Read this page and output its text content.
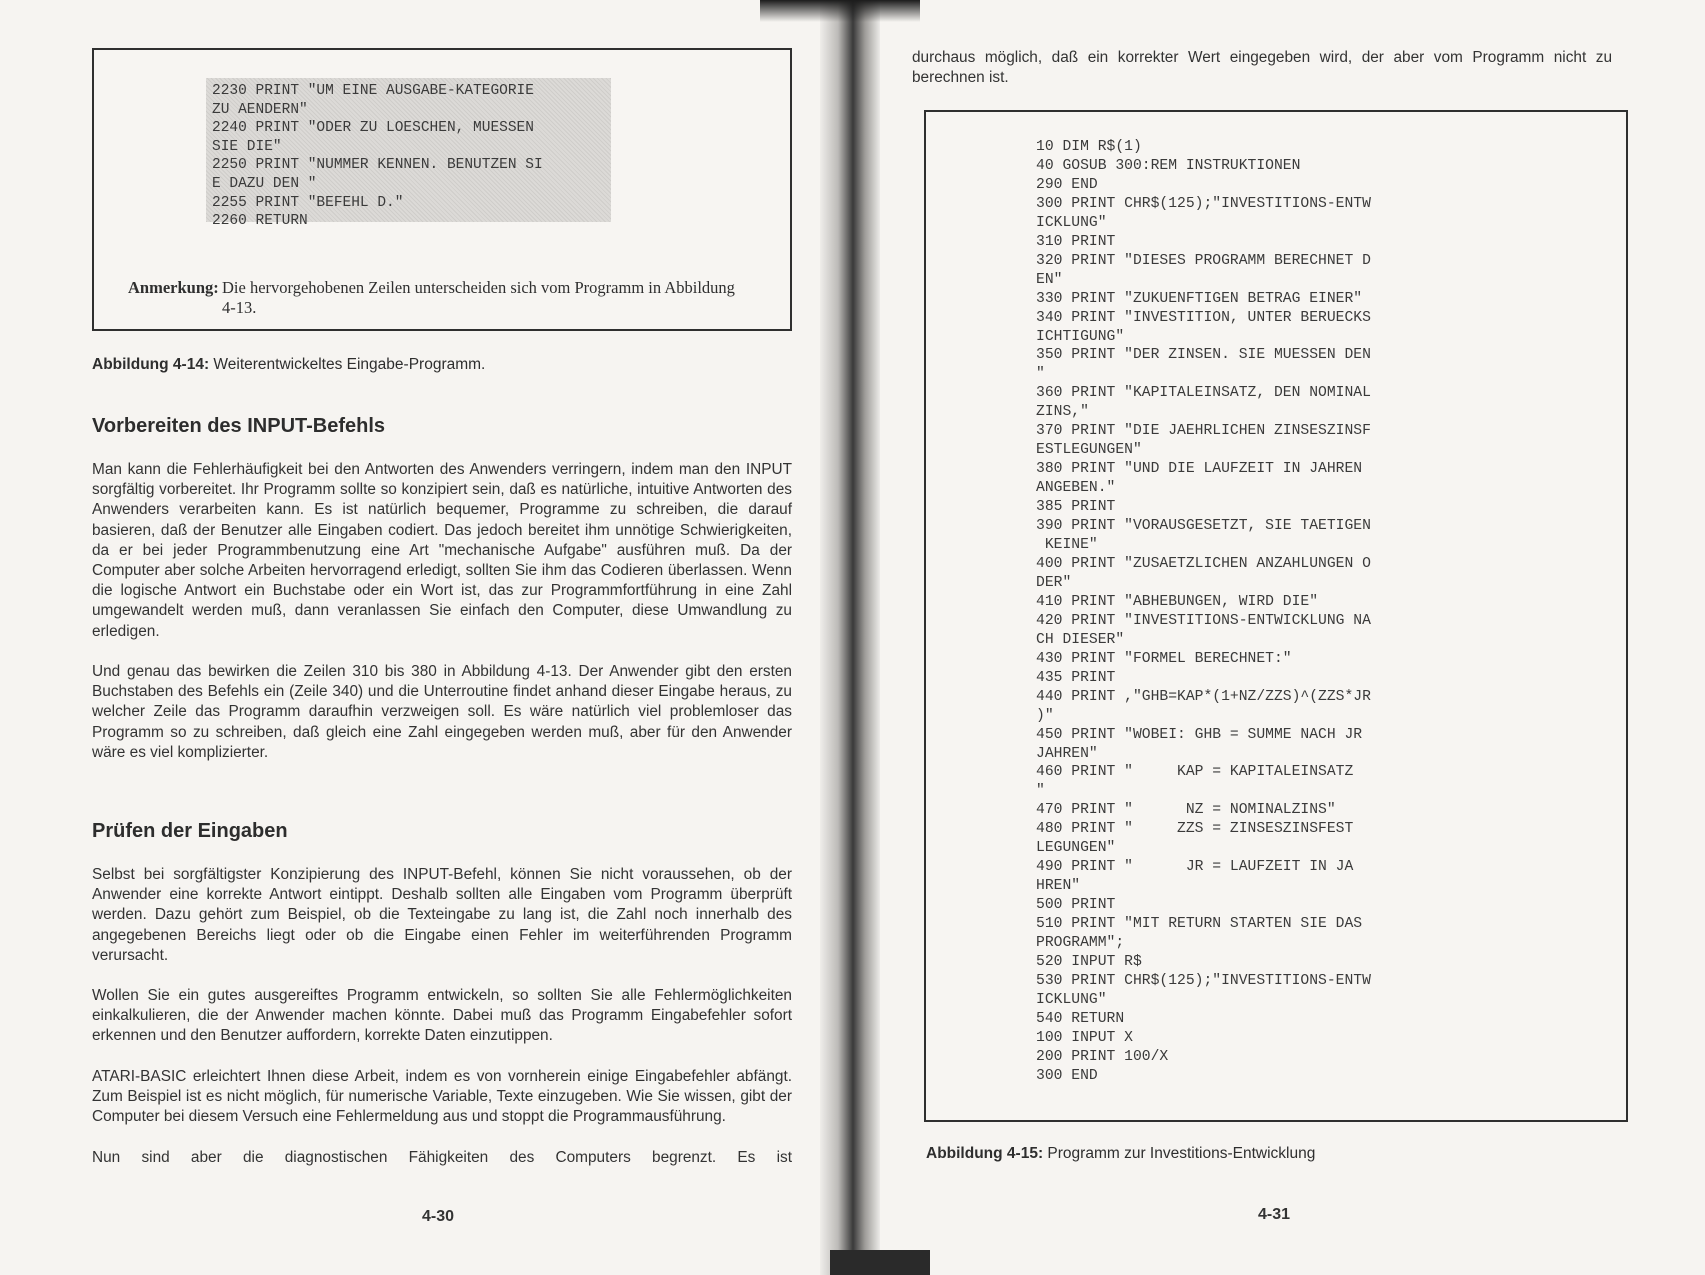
2230 PRINT "UM EINE AUSGABE-KATEGORIE
ZU AENDERN"
2240 PRINT "ODER ZU LOESCHEN, MUESSEN
SIE DIE"
2250 PRINT "NUMMER KENNEN. BENUTZEN SI
E DAZU DEN "
2255 PRINT "BEFEHL D."
2260 RETURN
Anmerkung: Die hervorgehobenen Zeilen unterscheiden sich vom Programm in Abbildung 4-13.
Abbildung 4-14: Weiterentwickeltes Eingabe-Programm.
Vorbereiten des INPUT-Befehls
Man kann die Fehlerhäufigkeit bei den Antworten des Anwenders verringern, indem man den INPUT sorgfältig vorbereitet. Ihr Programm sollte so konzipiert sein, daß es natürliche, intuitive Antworten des Anwenders verarbeiten kann. Es ist natürlich bequemer, Programme zu schreiben, die darauf basieren, daß der Benutzer alle Eingaben codiert. Das jedoch bereitet ihm unnötige Schwierigkeiten, da er bei jeder Programmbenutzung eine Art "mechanische Aufgabe" ausführen muß. Da der Computer aber solche Arbeiten hervorragend erledigt, sollten Sie ihm das Codieren überlassen. Wenn die logische Antwort ein Buchstabe oder ein Wort ist, das zur Programmfortführung in eine Zahl umgewandelt werden muß, dann veranlassen Sie einfach den Computer, diese Umwandlung zu erledigen.
Und genau das bewirken die Zeilen 310 bis 380 in Abbildung 4-13. Der Anwender gibt den ersten Buchstaben des Befehls ein (Zeile 340) und die Unterroutine findet anhand dieser Eingabe heraus, zu welcher Zeile das Programm daraufhin verzweigen soll. Es wäre natürlich viel problemloser das Programm so zu schreiben, daß gleich eine Zahl eingegeben werden muß, aber für den Anwender wäre es viel komplizierter.
Prüfen der Eingaben
Selbst bei sorgfältigster Konzipierung des INPUT-Befehl, können Sie nicht voraussehen, ob der Anwender eine korrekte Antwort eintippt. Deshalb sollten alle Eingaben vom Programm überprüft werden. Dazu gehört zum Beispiel, ob die Texteingabe zu lang ist, die Zahl noch innerhalb des angegebenen Bereichs liegt oder ob die Eingabe einen Fehler im weiterführenden Programm verursacht.
Wollen Sie ein gutes ausgereiftes Programm entwickeln, so sollten Sie alle Fehlermöglichkeiten einkalkulieren, die der Anwender machen könnte. Dabei muß das Programm Eingabefehler sofort erkennen und den Benutzer auffordern, korrekte Daten einzutippen.
ATARI-BASIC erleichtert Ihnen diese Arbeit, indem es von vornherein einige Eingabefehler abfängt. Zum Beispiel ist es nicht möglich, für numerische Variable, Texte einzugeben. Wie Sie wissen, gibt der Computer bei diesem Versuch eine Fehlermeldung aus und stoppt die Programmausführung.
Nun sind aber die diagnostischen Fähigkeiten des Computers begrenzt. Es ist
4-30
durchaus möglich, daß ein korrekter Wert eingegeben wird, der aber vom Programm nicht zu berechnen ist.
10 DIM R$(1)
40 GOSUB 300:REM INSTRUKTIONEN
290 END
300 PRINT CHR$(125);"INVESTITIONS-ENTW
ICKLUNG"
310 PRINT
320 PRINT "DIESES PROGRAMM BERECHNET D
EN"
330 PRINT "ZUKUENFTIGEN BETRAG EINER"
340 PRINT "INVESTITION, UNTER BERUECKS
ICHTIGUNG"
350 PRINT "DER ZINSEN. SIE MUESSEN DEN
"
360 PRINT "KAPITALEINSATZ, DEN NOMINAL
ZINS,"
370 PRINT "DIE JAEHRLICHEN ZINSESZINSF
ESTLEGUNGEN"
380 PRINT "UND DIE LAUFZEIT IN JAHREN
ANGEBEN."
385 PRINT
390 PRINT "VORAUSGESETZT, SIE TAETIGEN
KEINE"
400 PRINT "ZUSAETZLICHEN ANZAHLUNGEN O
DER"
410 PRINT "ABHEBUNGEN, WIRD DIE"
420 PRINT "INVESTITIONS-ENTWICKLUNG NA
CH DIESER"
430 PRINT "FORMEL BERECHNET:"
435 PRINT
440 PRINT ,"GHB=KAP*(1+NZ/ZZS)^(ZZS*JR
)"
450 PRINT "WOBEI: GHB = SUMME NACH JR
JAHREN"
460 PRINT "     KAP = KAPITALEINSATZ
"
470 PRINT "      NZ = NOMINALZINS"
480 PRINT "     ZZS = ZINSESZINSFEST
LEGUNGEN"
490 PRINT "      JR = LAUFZEIT IN JA
HREN"
500 PRINT
510 PRINT "MIT RETURN STARTEN SIE DAS
PROGRAMM";
520 INPUT R$
530 PRINT CHR$(125);"INVESTITIONS-ENTW
ICKLUNG"
540 RETURN
100 INPUT X
200 PRINT 100/X
300 END
Abbildung 4-15: Programm zur Investitions-Entwicklung
4-31
